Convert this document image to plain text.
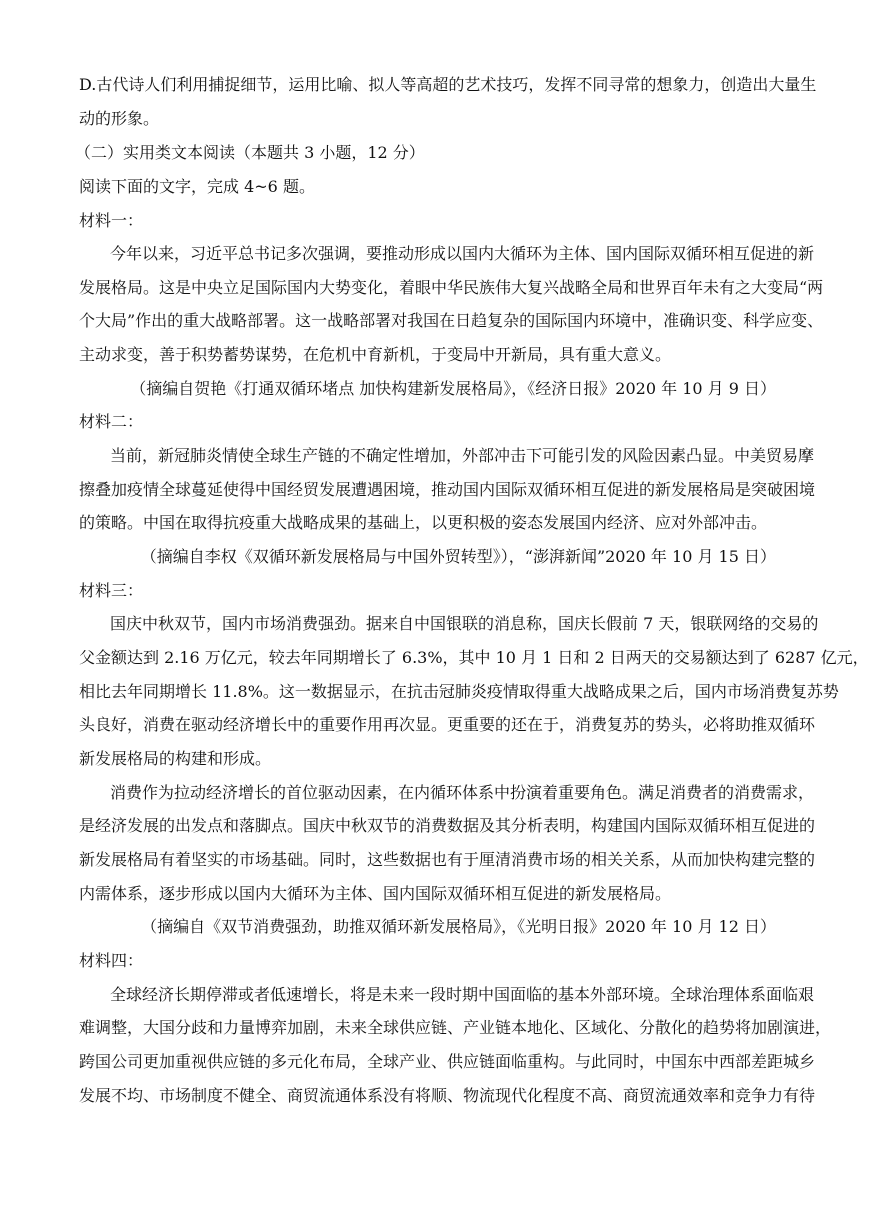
D.古代诗人们利用捕捉细节，运用比喻、拟人等高超的艺术技巧，发挥不同寻常的想象力，创造出大量生
动的形象。
（二）实用类文本阅读（本题共 3 小题，12 分）
阅读下面的文字，完成 4~6 题。
材料一：
今年以来，习近平总书记多次强调，要推动形成以国内大循环为主体、国内国际双循环相互促进的新
发展格局。这是中央立足国际国内大势变化，着眼中华民族伟大复兴战略全局和世界百年未有之大变局“两
个大局”作出的重大战略部署。这一战略部署对我国在日趋复杂的国际国内环境中，准确识变、科学应变、
主动求变，善于积势蓄势谋势，在危机中育新机，于变局中开新局，具有重大意义。
（摘编自贺艳《打通双循环堵点 加快构建新发展格局》，《经济日报》2020 年 10 月 9 日）
材料二：
当前，新冠肺炎情使全球生产链的不确定性增加，外部冲击下可能引发的风险因素凸显。中美贸易摩
擦叠加疫情全球蔓延使得中国经贸发展遭遇困境，推动国内国际双循环相互促进的新发展格局是突破困境
的策略。中国在取得抗疫重大战略成果的基础上，以更积极的姿态发展国内经济、应对外部冲击。
（摘编自李权《双循环新发展格局与中国外贸转型》），“澎湃新闻”2020 年 10 月 15 日）
材料三：
国庆中秋双节，国内市场消费强劲。据来自中国银联的消息称，国庆长假前 7 天，银联网络的交易的
父金额达到 2.16 万亿元，较去年同期增长了 6.3%，其中 10 月 1 日和 2 日两天的交易额达到了 6287 亿元，
相比去年同期增长 11.8%。这一数据显示，在抗击冠肺炎疫情取得重大战略成果之后，国内市场消费复苏势
头良好，消费在驱动经济增长中的重要作用再次显。更重要的还在于，消费复苏的势头，必将助推双循环
新发展格局的构建和形成。
消费作为拉动经济增长的首位驱动因素，在内循环体系中扮演着重要角色。满足消费者的消费需求，
是经济发展的出发点和落脚点。国庆中秋双节的消费数据及其分析表明，构建国内国际双循环相互促进的
新发展格局有着坚实的市场基础。同时，这些数据也有于厘清消费市场的相关关系，从而加快构建完整的
内需体系，逐步形成以国内大循环为主体、国内国际双循环相互促进的新发展格局。
（摘编自《双节消费强劲，助推双循环新发展格局》，《光明日报》2020 年 10 月 12 日）
材料四：
全球经济长期停滞或者低速增长，将是未来一段时期中国面临的基本外部环境。全球治理体系面临艰
难调整，大国分歧和力量博弈加剧，未来全球供应链、产业链本地化、区域化、分散化的趋势将加剧演进，
跨国公司更加重视供应链的多元化布局，全球产业、供应链面临重构。与此同时，中国东中西部差距城乡
发展不均、市场制度不健全、商贸流通体系没有将顺、物流现代化程度不高、商贸流通效率和竞争力有待
